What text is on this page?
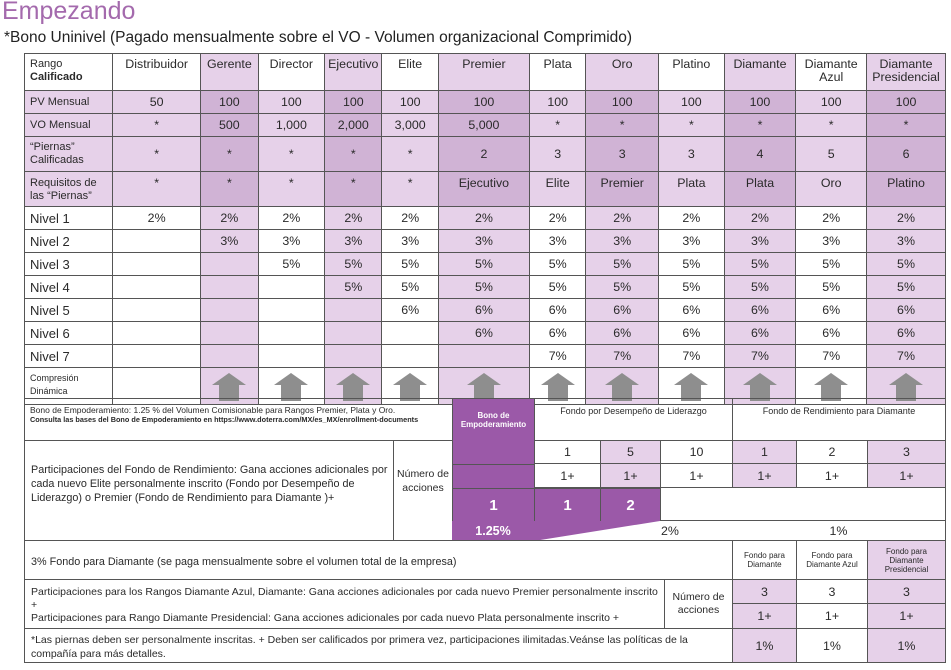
Empezando
*Bono Uninivel (Pagado mensualmente sobre el VO - Volumen organizacional Comprimido)
Rango
Calificado	Distribuidor	Gerente	Director	Ejecutivo	Elite	Premier	Plata	Oro	Platino	Diamante	Diamante Azul	Diamante Presidencial
PV Mensual	50	100	100	100	100	100	100	100	100	100	100	100
VO Mensual	*	500	1,000	2,000	3,000	5,000	*	*	*	*	*	*
“Piernas” Calificadas	*	*	*	*	*	2	3	3	3	4	5	6
Requisitos de las “Piernas”	*	*	*	*	*	Ejecutivo	Elite	Premier	Plata	Plata	Oro	Platino
Nivel 1	2%	2%	2%	2%	2%	2%	2%	2%	2%	2%	2%	2%
Nivel 2		3%	3%	3%	3%	3%	3%	3%	3%	3%	3%	3%
Nivel 3			5%	5%	5%	5%	5%	5%	5%	5%	5%	5%
Nivel 4				5%	5%	5%	5%	5%	5%	5%	5%	5%
Nivel 5					6%	6%	6%	6%	6%	6%	6%	6%
Nivel 6						6%	6%	6%	6%	6%	6%	6%
Nivel 7							7%	7%	7%	7%	7%	7%
Compresión Dinámica		

Bono de Empoderamiento: 1.25 % del Volumen Comisionable para Rangos Premier, Plata y Oro.
Consulta las bases del Bono de Empoderamiento en https://www.doterra.com/MX/es_MX/enrollment-documents	Bono de Empoderamiento
Fondo por Desempeño de Liderazgo	Fondo de Rendimiento para Diamante
Participaciones del Fondo de Rendimiento: Gana acciones adicionales por cada nuevo Elite personalmente inscrito (Fondo por Desempeño de Liderazgo) o Premier (Fondo de Rendimiento para Diamante )+
Número de acciones
1	5	10	1	2	3
1+	1+	1+	1+	1+	1+
1	1	2
1.25%	2%	1%
3% Fondo para Diamante (se paga mensualmente sobre el volumen total de la empresa)
Fondo para Diamante
Fondo para Diamante Azul
Fondo para Diamante Presidencial
Participaciones para los Rangos Diamante Azul, Diamante: Gana acciones adicionales por cada nuevo Premier personalmente inscrito +
Participaciones para Rango Diamante Presidencial: Gana acciones adicionales por cada nuevo Plata personalmente inscrito +
Número de acciones
3	3	3
1+	1+	1+
*Las piernas deben ser personalmente inscritas. + Deben ser calificados por primera vez, participaciones ilimitadas.Veánse las políticas de la compañía para más detalles.
1%	1%	1%
